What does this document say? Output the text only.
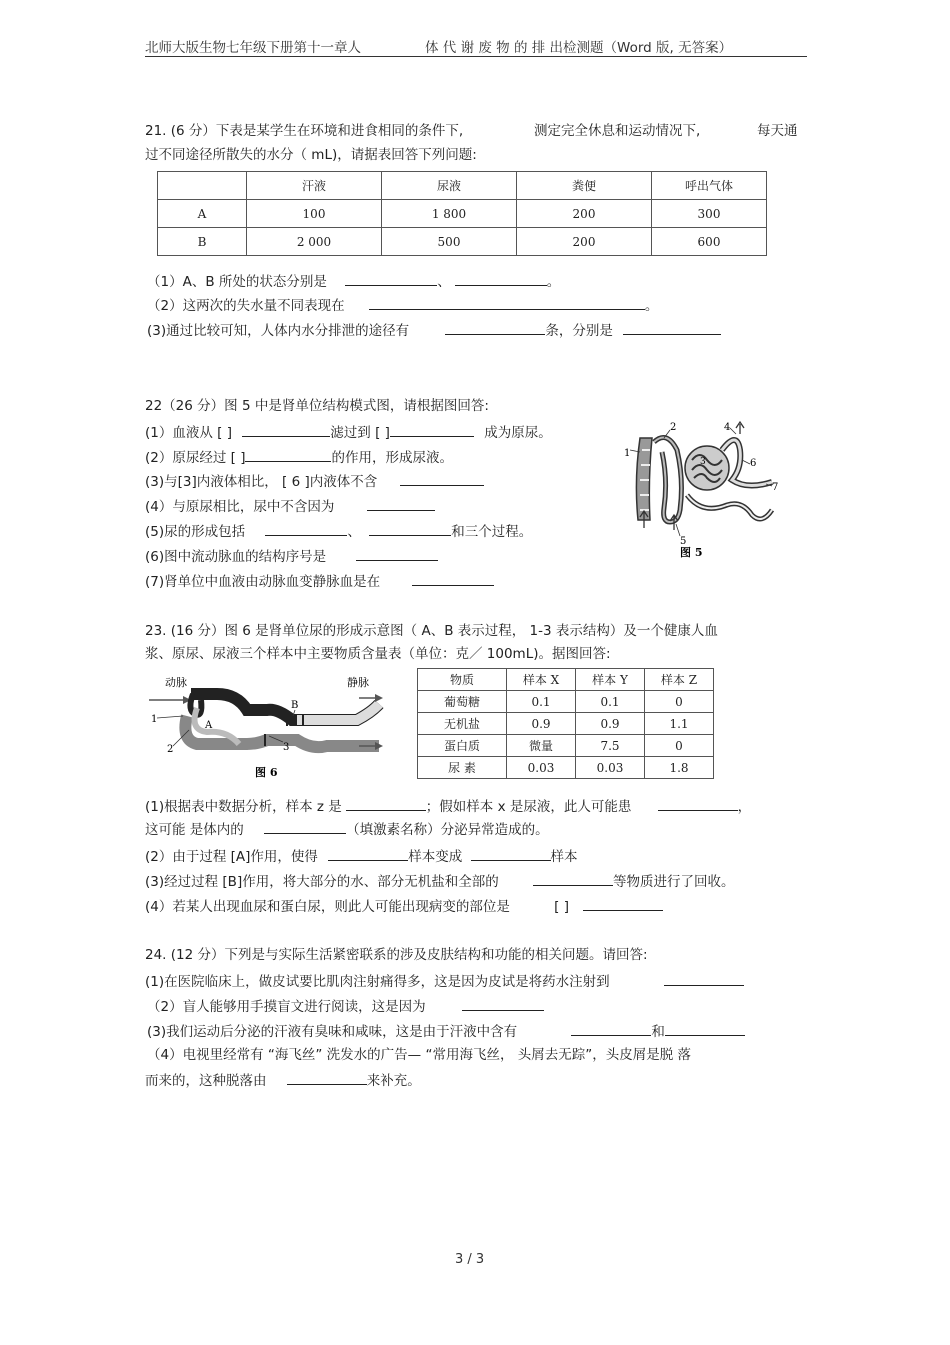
北师大版生物七年级下册第十一章人	体 代 谢 废 物 的 排 出检测题（Word 版, 无答案）
21. (6 分）下表是某学生在环境和进食相同的条件下,	测定完全休息和运动情况下,	每天通
过不同途径所散失的水分（ mL)，请据表回答下列问题:
	汗液	尿液	粪便	呼出气体
A	100	1 800	200	300
B	2 000	500	200	600
（1）A、B 所处的状态分别是	、	。
（2）这两次的失水量不同表现在	。
(3)通过比较可知，人体内水分排泄的途径有	条，分别是
22（26 分）图 5 中是肾单位结构模式图，请根据图回答:
(1）血液从 [ ]	滤过到 [ ]	成为原尿。
(2）原尿经过 [ ]	的作用，形成尿液。
(3)与[3]内液体相比， [ 6 ]内液体不含
(4）与原尿相比，尿中不含因为
(5)尿的形成包括	、	和三个过程。
(6)图中流动脉血的结构序号是
(7)肾单位中血液由动脉血变静脉血是在
1
2
3
4
5
6
7
图 5
23. (16 分）图 6 是肾单位尿的形成示意图（ A、B 表示过程， 1-3 表示结构）及一个健康人血
浆、原尿、尿液三个样本中主要物质含量表（单位：克／ 100mL)。据图回答:
动脉	静脉
1
2	3
A
B
图 6
物质	样本 X	样本 Y	样本 Z
葡萄糖	0.1	0.1	0
无机盐	0.9	0.9	1.1
蛋白质	微量	7.5	0
尿 素	0.03	0.03	1.8
(1)根据表中数据分析，样本 z 是	；假如样本 x 是尿液，此人可能患	，
这可能 是体内的	（填激素名称）分泌异常造成的。
(2）由于过程 [A]作用，使得	样本变成	样本
(3)经过过程 [B]作用，将大部分的水、部分无机盐和全部的	等物质进行了回收。
(4）若某人出现血尿和蛋白尿，则此人可能出现病变的部位是	[ ]
24. (12 分）下列是与实际生活紧密联系的涉及皮肤结构和功能的相关问题。请回答:
(1)在医院临床上，做皮试要比肌肉注射痛得多，这是因为皮试是将药水注射到
（2）盲人能够用手摸盲文进行阅读，这是因为
(3)我们运动后分泌的汗液有臭味和咸味，这是由于汗液中含有	和
（4）电视里经常有 “海飞丝” 洗发水的广告— “常用海飞丝， 头屑去无踪”，头皮屑是脱 落
而来的，这种脱落由	来补充。
3 / 3
